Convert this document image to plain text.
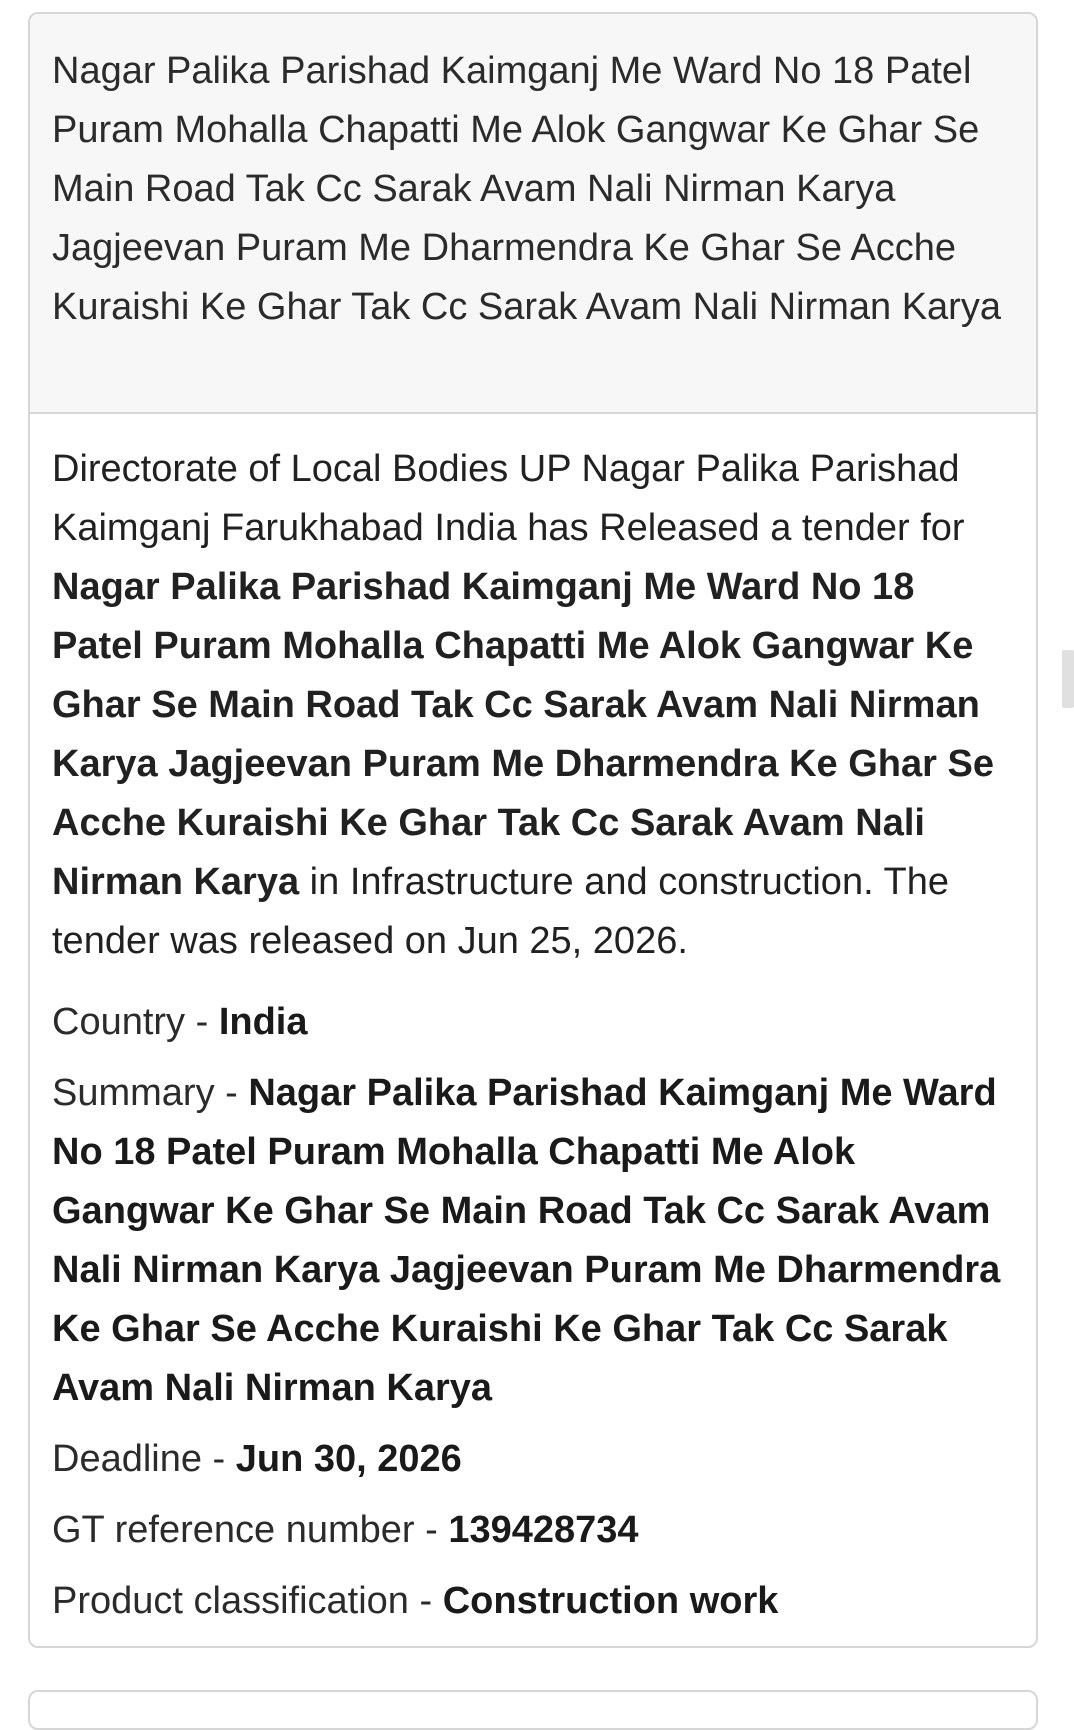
Nagar Palika Parishad Kaimganj Me Ward No 18 Patel Puram Mohalla Chapatti Me Alok Gangwar Ke Ghar Se Main Road Tak Cc Sarak Avam Nali Nirman Karya Jagjeevan Puram Me Dharmendra Ke Ghar Se Acche Kuraishi Ke Ghar Tak Cc Sarak Avam Nali Nirman Karya

Directorate of Local Bodies UP Nagar Palika Parishad Kaimganj Farukhabad India has Released a tender for Nagar Palika Parishad Kaimganj Me Ward No 18 Patel Puram Mohalla Chapatti Me Alok Gangwar Ke Ghar Se Main Road Tak Cc Sarak Avam Nali Nirman Karya Jagjeevan Puram Me Dharmendra Ke Ghar Se Acche Kuraishi Ke Ghar Tak Cc Sarak Avam Nali Nirman Karya in Infrastructure and construction. The tender was released on Jun 25, 2026.

Country - India
Summary - Nagar Palika Parishad Kaimganj Me Ward No 18 Patel Puram Mohalla Chapatti Me Alok Gangwar Ke Ghar Se Main Road Tak Cc Sarak Avam Nali Nirman Karya Jagjeevan Puram Me Dharmendra Ke Ghar Se Acche Kuraishi Ke Ghar Tak Cc Sarak Avam Nali Nirman Karya
Deadline - Jun 30, 2026
GT reference number - 139428734
Product classification - Construction work
